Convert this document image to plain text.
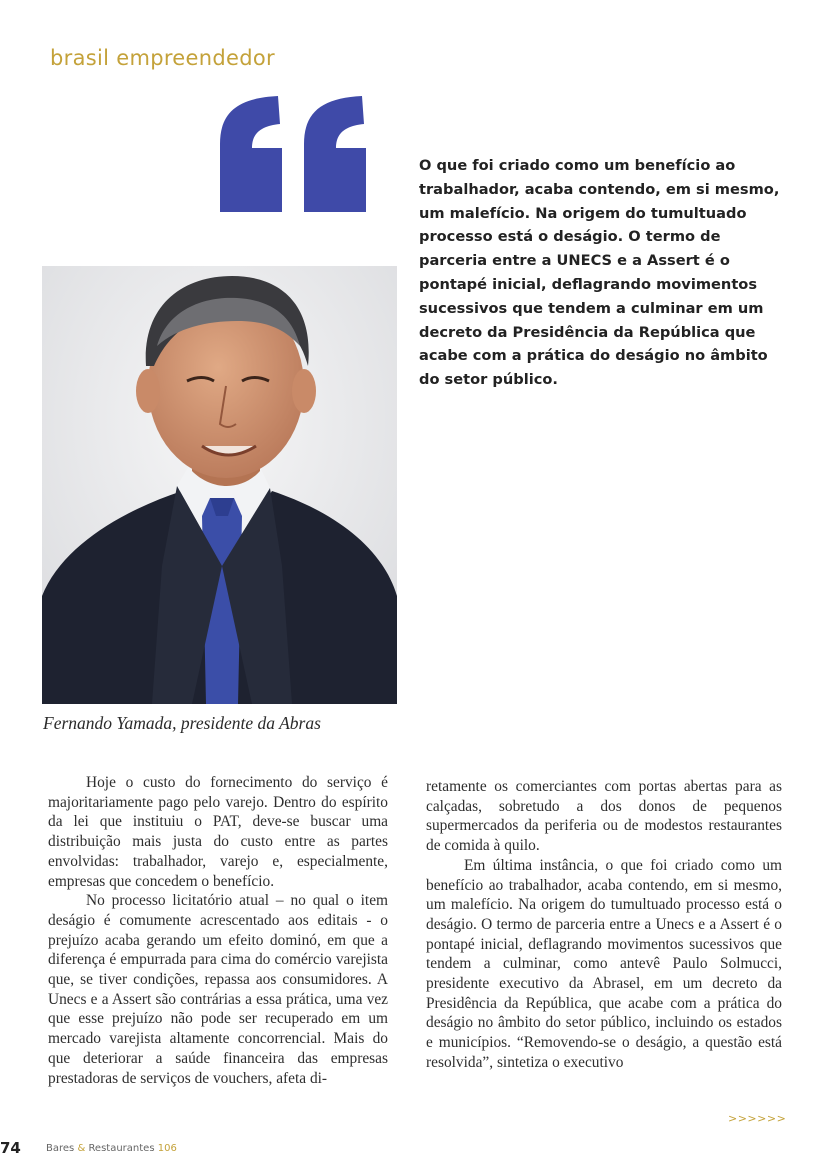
brasil empreendedor

O que foi criado como um benefício ao trabalhador, acaba contendo, em si mesmo, um malefício. Na origem do tumultuado processo está o deságio. O termo de parceria entre a UNECS e a Assert é o pontapé inicial, deflagrando movimentos sucessivos que tendem a culminar em um decreto da Presidência da República que acabe com a prática do deságio no âmbito do setor público.

Fernando Yamada, presidente da Abras

Hoje o custo do fornecimento do serviço é majoritariamente pago pelo varejo. Dentro do espírito da lei que instituiu o PAT, deve-se buscar uma distribuição mais justa do custo entre as partes envolvidas: trabalhador, varejo e, especialmente, empresas que concedem o benefício.

No processo licitatório atual – no qual o item deságio é comumente acrescentado aos editais - o prejuízo acaba gerando um efeito dominó, em que a diferença é empurrada para cima do comércio varejista que, se tiver condições, repassa aos consumidores. A Unecs e a Assert são contrárias a essa prática, uma vez que esse prejuízo não pode ser recuperado em um mercado varejista altamente concorrencial. Mais do que deteriorar a saúde financeira das empresas prestadoras de serviços de vouchers, afeta di-

retamente os comerciantes com portas abertas para as calçadas, sobretudo a dos donos de pequenos supermercados da periferia ou de modestos restaurantes de comida à quilo.

Em última instância, o que foi criado como um benefício ao trabalhador, acaba contendo, em si mesmo, um malefício. Na origem do tumultuado processo está o deságio. O termo de parceria entre a Unecs e a Assert é o pontapé inicial, deflagrando movimentos sucessivos que tendem a culminar, como antevê Paulo Solmucci, presidente executivo da Abrasel, em um decreto da Presidência da República, que acabe com a prática do deságio no âmbito do setor público, incluindo os estados e municípios. “Removendo-se o deságio, a questão está resolvida”, sintetiza o executivo

>>>>>>
74	Bares & Restaurantes 106
